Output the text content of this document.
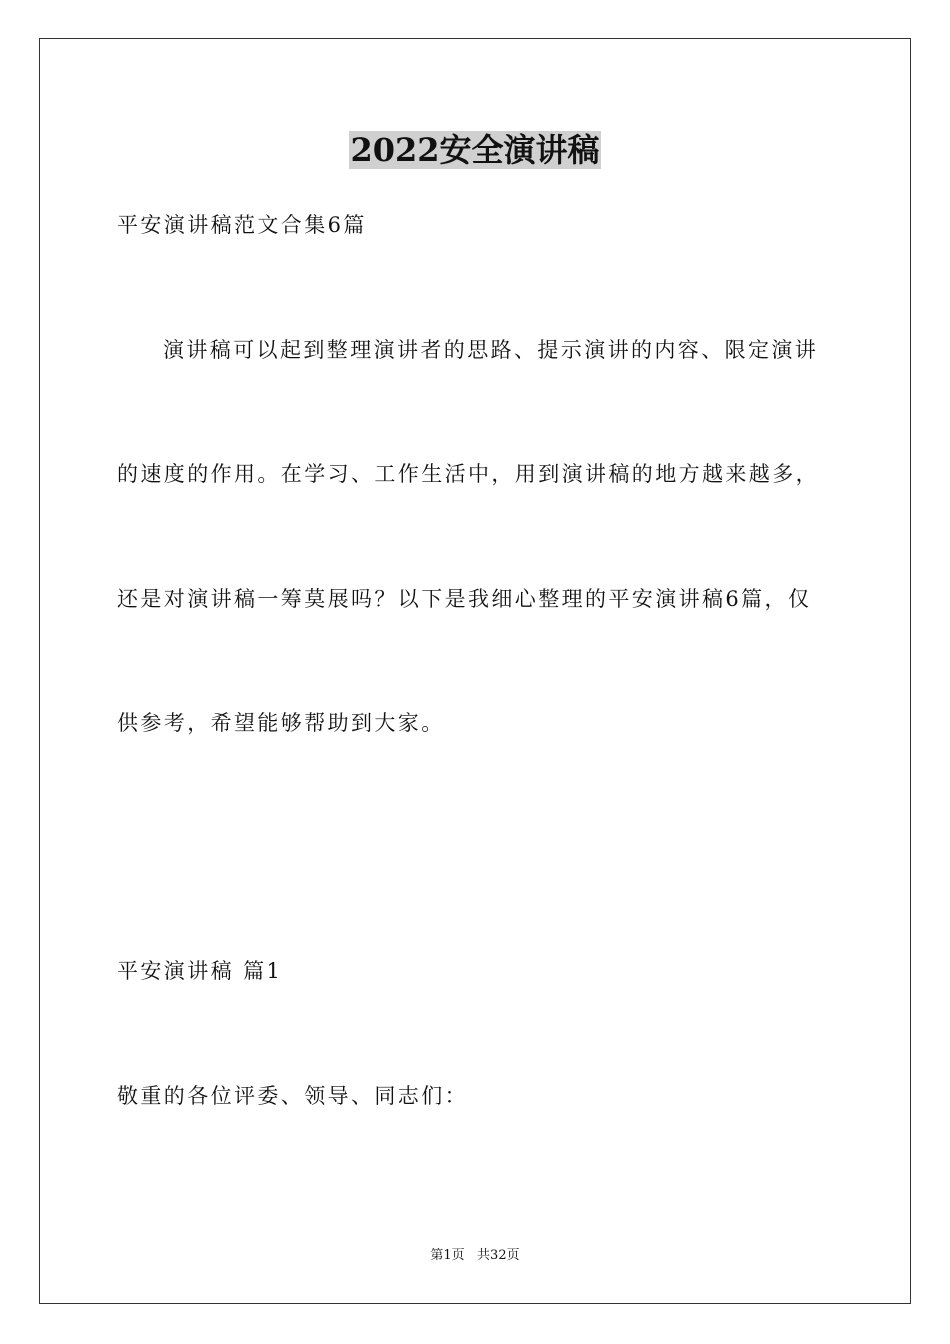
2022安全演讲稿
平安演讲稿范文合集6篇
演讲稿可以起到整理演讲者的思路、提示演讲的内容、限定演讲
的速度的作用。在学习、工作生活中，用到演讲稿的地方越来越多，
还是对演讲稿一筹莫展吗？以下是我细心整理的平安演讲稿6篇，仅
供参考，希望能够帮助到大家。
平安演讲稿 篇1
敬重的各位评委、领导、同志们：
第1页   共32页
